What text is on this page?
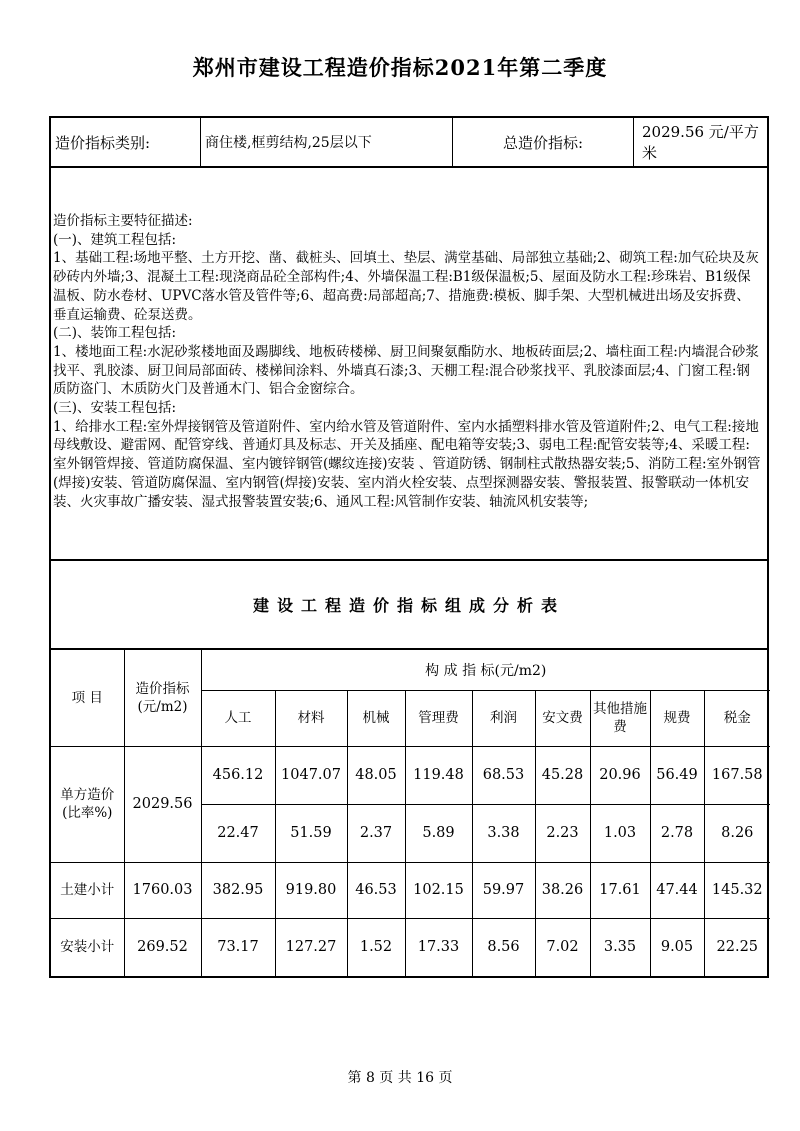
郑州市建设工程造价指标2021年第二季度
造价指标类别:	商住楼,框剪结构,25层以下	总造价指标:
2029.56 元/平方米

造价指标主要特征描述:

(一)、建筑工程包括:

1、基础工程:场地平整、土方开挖、凿、截桩头、回填土、垫层、满堂基础、局部独立基础;2、砌筑工程:加气砼块及灰砂砖内外墙;3、混凝土工程:现浇商品砼全部构件;4、外墙保温工程:B1级保温板;5、屋面及防水工程:珍珠岩、B1级保温板、防水卷材、UPVC落水管及管件等;6、超高费:局部超高;7、措施费:模板、脚手架、大型机械进出场及安拆费、垂直运输费、砼泵送费。

(二)、装饰工程包括:

1、楼地面工程:水泥砂浆楼地面及踢脚线、地板砖楼梯、厨卫间聚氨酯防水、地板砖面层;2、墙柱面工程:内墙混合砂浆找平、乳胶漆、厨卫间局部面砖、楼梯间涂料、外墙真石漆;3、天棚工程:混合砂浆找平、乳胶漆面层;4、门窗工程:钢质防盗门、木质防火门及普通木门、铝合金窗综合。

(三)、安装工程包括:

1、给排水工程:室外焊接钢管及管道附件、室内给水管及管道附件、室内水插塑料排水管及管道附件;2、电气工程:接地母线敷设、避雷网、配管穿线、普通灯具及标志、开关及插座、配电箱等安装;3、弱电工程:配管安装等;4、采暖工程:室外钢管焊接、管道防腐保温、室内镀锌钢管(螺纹连接)安装 、管道防锈、钢制柱式散热器安装;5、消防工程:室外钢管(焊接)安装、管道防腐保温、室内钢管(焊接)安装、室内消火栓安装、点型探测器安装、警报装置、报警联动一体机安装、火灾事故广播安装、湿式报警装置安装;6、通风工程:风管制作安装、轴流风机安装等;

建设工程造价指标组成分析表
项 目	造价指标(元/m2)	构 成 指 标(元/m2)								
		人工	材料	机械	管理费	利润	安文费	其他措施费	规费	税金
单方造价(比率%)	2029.56	456.12	1047.07	48.05	119.48	68.53	45.28	20.96	56.49	167.58
		22.47	51.59	2.37	5.89	3.38	2.23	1.03	2.78	8.26
土建小计	1760.03	382.95	919.80	46.53	102.15	59.97	38.26	17.61	47.44	145.32
安装小计	269.52	73.17	127.27	1.52	17.33	8.56	7.02	3.35	9.05	22.25
第 8 页 共 16 页
